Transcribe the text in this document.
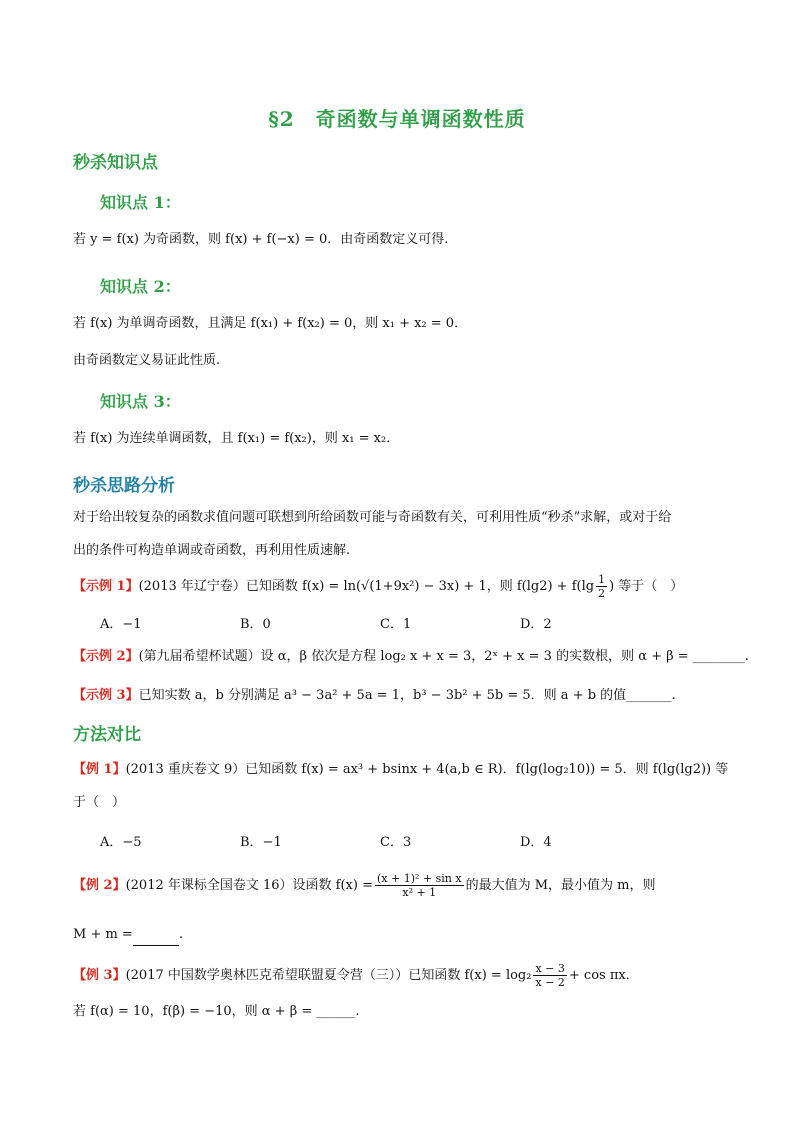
§2　奇函数与单调函数性质
秒杀知识点
知识点 1：
若 y = f(x) 为奇函数，则 f(x) + f(−x) = 0．由奇函数定义可得.
知识点 2：
若 f(x) 为单调奇函数，且满足 f(x₁) + f(x₂) = 0，则 x₁ + x₂ = 0．
由奇函数定义易证此性质.
知识点 3：
若 f(x) 为连续单调函数，且 f(x₁) = f(x₂)，则 x₁ = x₂．
秒杀思路分析
对于给出较复杂的函数求值问题可联想到所给函数可能与奇函数有关，可利用性质“秒杀”求解，或对于给
出的条件可构造单调或奇函数，再利用性质速解.
【示例 1】(2013 年辽宁卷）已知函数 f(x) = ln(√(1+9x²) − 3x) + 1，则 $f(\lg 2) + f(\lg \frac{1}{2}$ ) 等于（　）
A．−1	B．0	C．1	D．2
【示例 2】(第九届希望杯试题）设 α，β 依次是方程 log₂ x + x = 3，2ˣ + x = 3 的实数根，则 α + β = ________.
【示例 3】已知实数 a，b 分别满足 a³ − 3a² + 5a = 1，b³ − 3b² + 5b = 5．则 a + b 的值_______.
方法对比
【例 1】(2013 重庆卷文 9）已知函数 f(x) = ax³ + bsinx + 4(a,b ∈ R)．f(lg(log₂10)) = 5．则 f(lg(lg2)) 等
于（　）
A．−5	B．−1	C．3	D．4
【例 2】(2012 年课标全国卷文 16）设函数 $f(x) = \frac{\text{(x + 1)² + sin x}}{\text{x² + 1}}$ 的最大值为 M，最小值为 m，则
M + m =	.
【例 3】(2017 中国数学奥林匹克希望联盟夏令营（三））已知函数 $f(x) = \log_2 \frac{x - 3}{x - 2} + \cos \pi x$．
若 f(α) = 10，f(β) = −10，则 α + β = ______.
